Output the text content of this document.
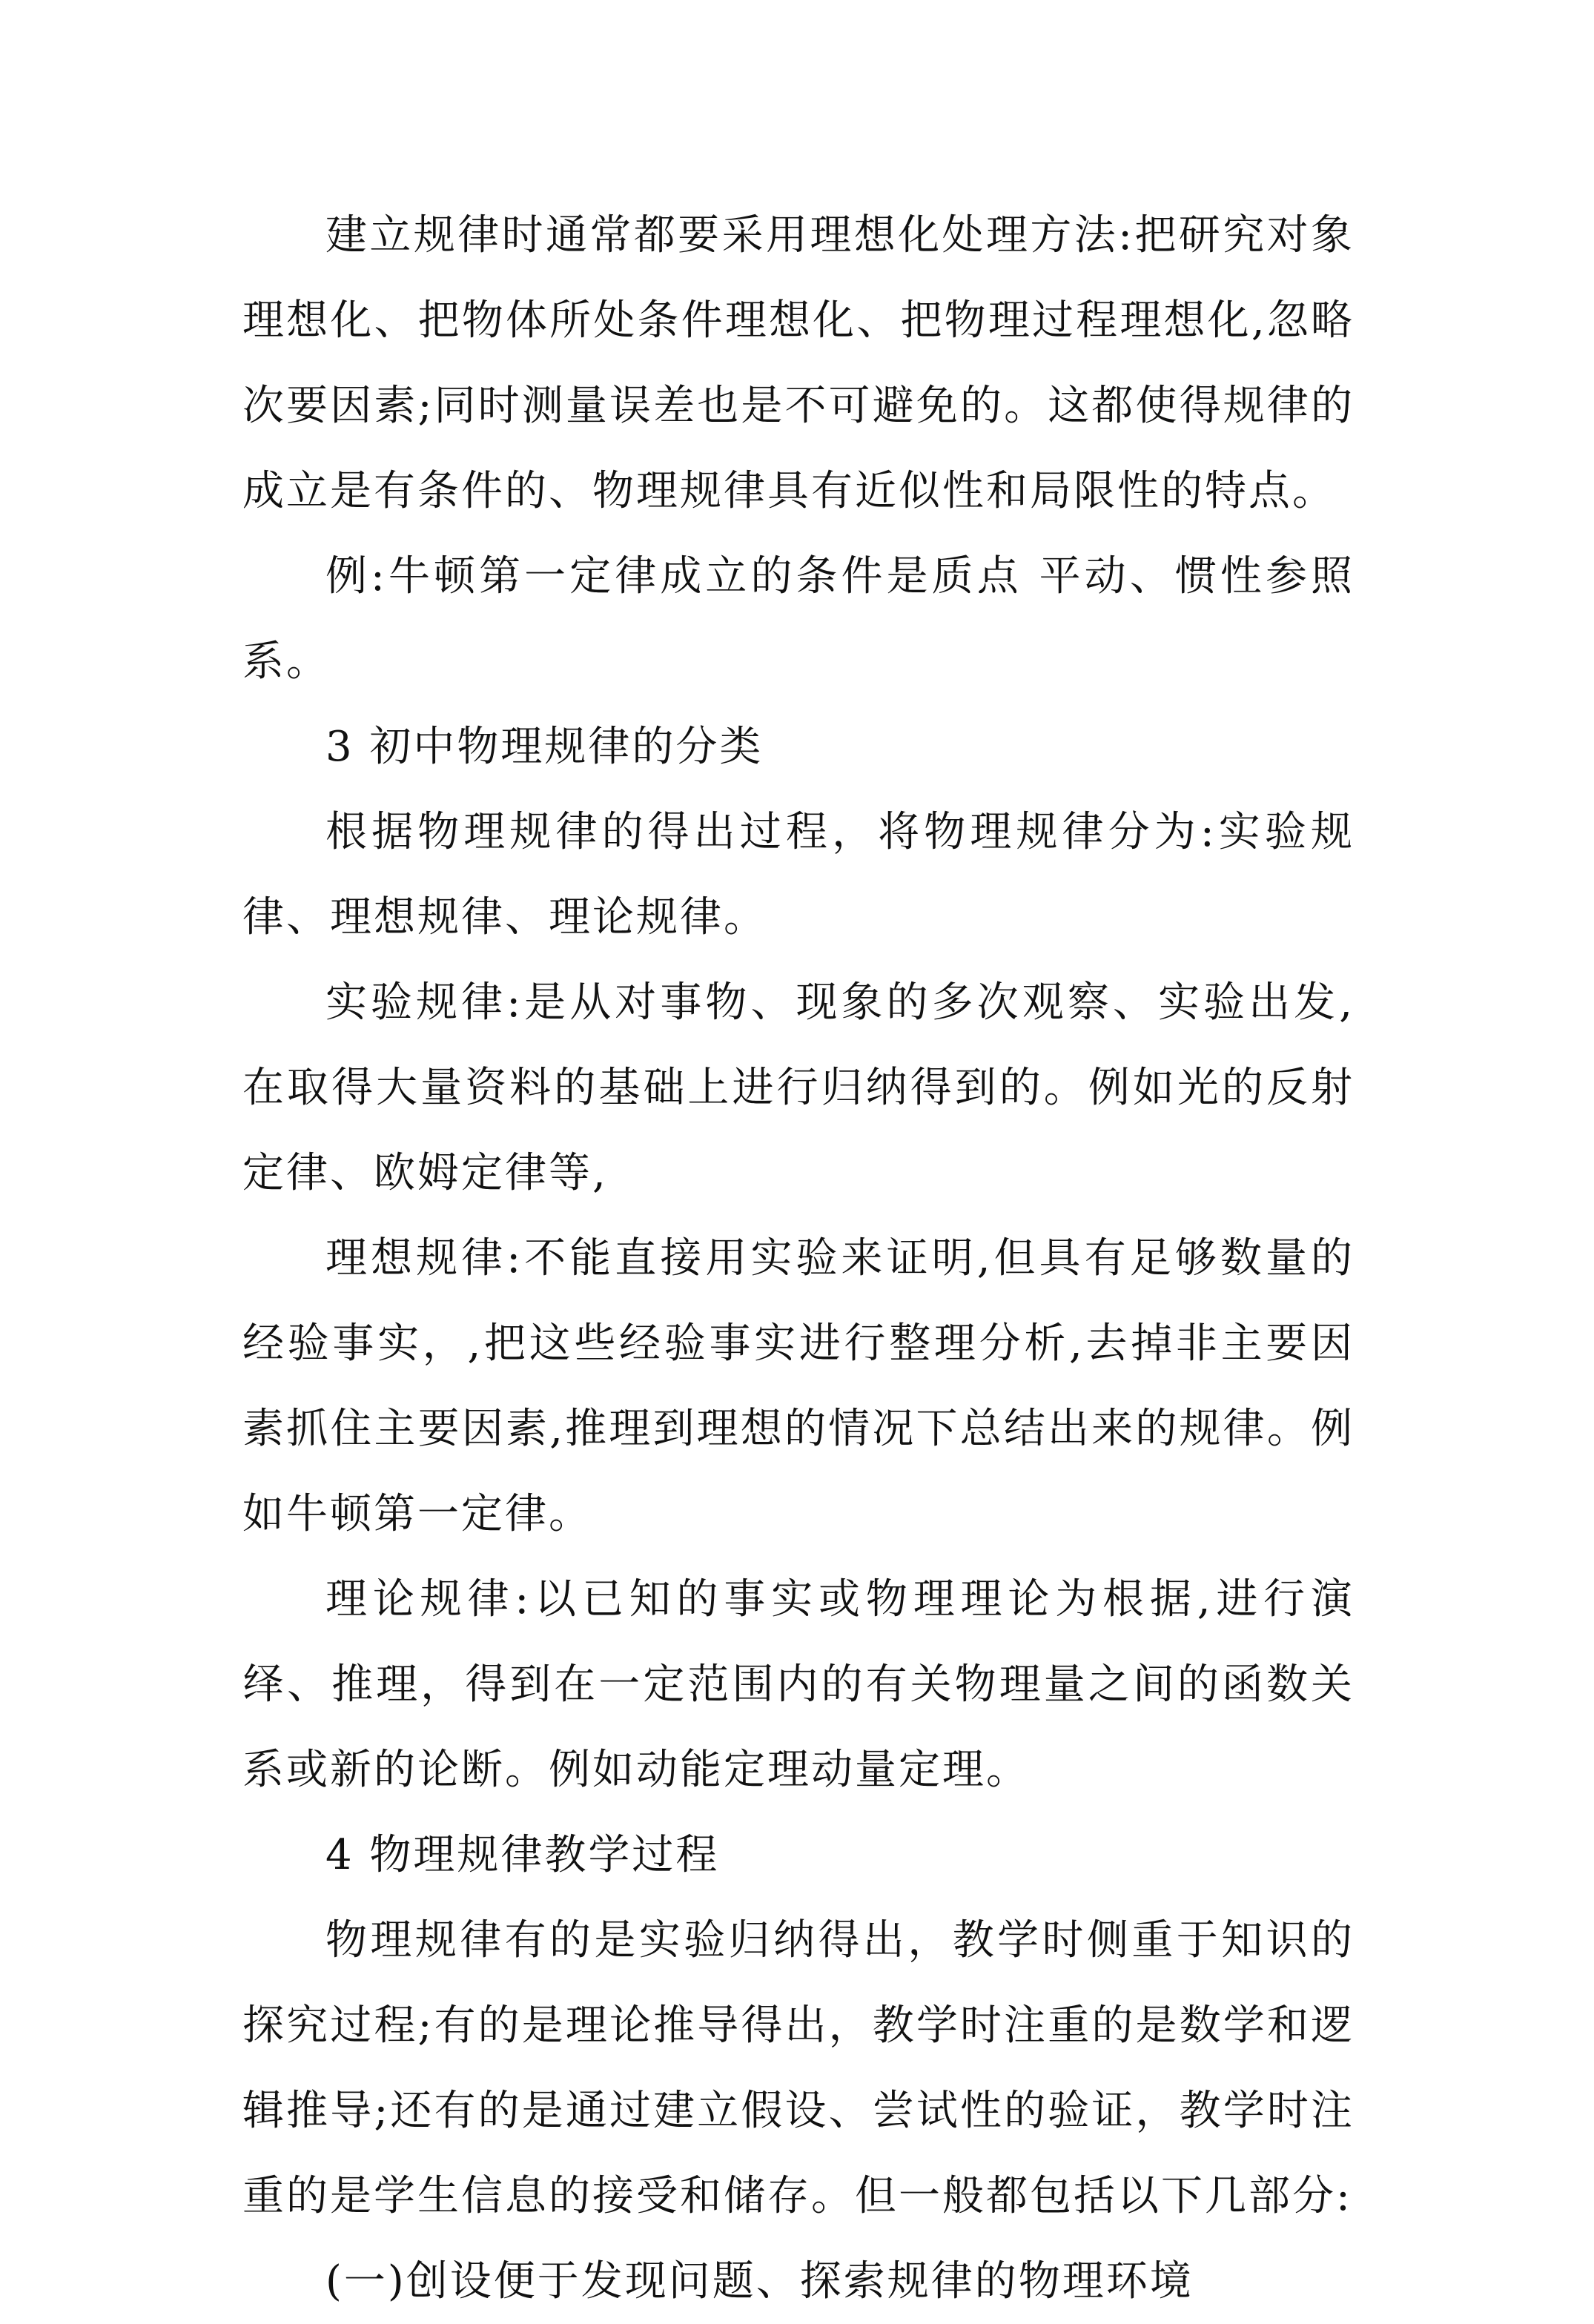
建立规律时通常都要采用理想化处理方法:把研究对象理想化、把物体所处条件理想化、把物理过程理想化,忽略次要因素;同时测量误差也是不可避免的。这都使得规律的成立是有条件的、物理规律具有近似性和局限性的特点。

例:牛顿第一定律成立的条件是质点 平动、惯性参照系。

3 初中物理规律的分类

根据物理规律的得出过程，将物理规律分为:实验规律、理想规律、理论规律。

实验规律:是从对事物、现象的多次观察、实验出发,在取得大量资料的基础上进行归纳得到的。例如光的反射定律、欧姆定律等,

理想规律:不能直接用实验来证明,但具有足够数量的经验事实，,把这些经验事实进行整理分析,去掉非主要因素抓住主要因素,推理到理想的情况下总结出来的规律。例如牛顿第一定律。

理论规律:以已知的事实或物理理论为根据,进行演绎、推理，得到在一定范围内的有关物理量之间的函数关系或新的论断。例如动能定理动量定理。

4 物理规律教学过程

物理规律有的是实验归纳得出，教学时侧重于知识的探究过程;有的是理论推导得出，教学时注重的是数学和逻辑推导;还有的是通过建立假设、尝试性的验证，教学时注重的是学生信息的接受和储存。但一般都包括以下几部分:

(一)创设便于发现问题、探索规律的物理环境
